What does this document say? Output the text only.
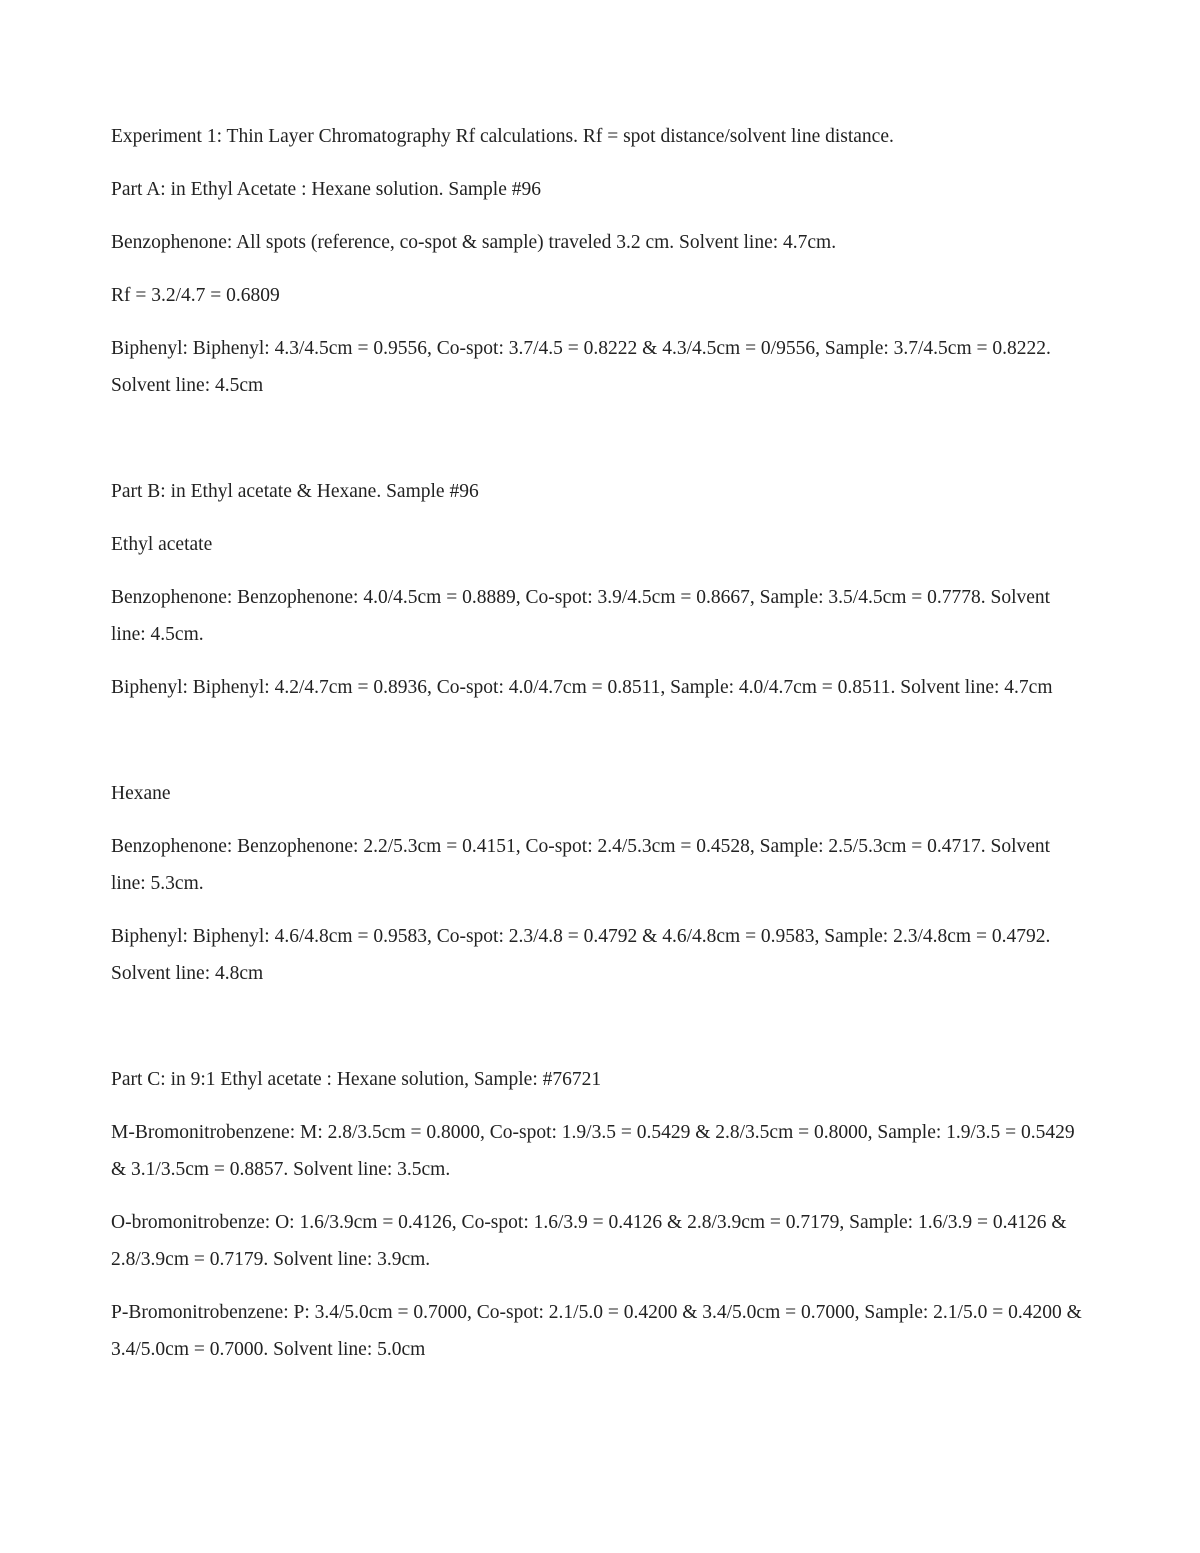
Experiment 1: Thin Layer Chromatography Rf calculations. Rf = spot distance/solvent line distance.

Part A: in Ethyl Acetate : Hexane solution. Sample #96

Benzophenone: All spots (reference, co-spot & sample) traveled 3.2 cm. Solvent line: 4.7cm.

Rf = 3.2/4.7 = 0.6809

Biphenyl: Biphenyl: 4.3/4.5cm = 0.9556, Co-spot: 3.7/4.5 = 0.8222 & 4.3/4.5cm = 0/9556, Sample: 3.7/4.5cm = 0.8222. Solvent line: 4.5cm

Part B: in Ethyl acetate & Hexane. Sample #96

Ethyl acetate

Benzophenone: Benzophenone: 4.0/4.5cm = 0.8889, Co-spot: 3.9/4.5cm = 0.8667, Sample: 3.5/4.5cm = 0.7778. Solvent line: 4.5cm.

Biphenyl: Biphenyl: 4.2/4.7cm = 0.8936, Co-spot: 4.0/4.7cm = 0.8511, Sample: 4.0/4.7cm = 0.8511. Solvent line: 4.7cm

Hexane

Benzophenone: Benzophenone: 2.2/5.3cm = 0.4151, Co-spot: 2.4/5.3cm = 0.4528, Sample: 2.5/5.3cm = 0.4717. Solvent line: 5.3cm.

Biphenyl: Biphenyl: 4.6/4.8cm = 0.9583, Co-spot: 2.3/4.8 = 0.4792 & 4.6/4.8cm = 0.9583, Sample: 2.3/4.8cm = 0.4792. Solvent line: 4.8cm

Part C: in 9:1 Ethyl acetate : Hexane solution, Sample: #76721

M-Bromonitrobenzene: M: 2.8/3.5cm = 0.8000, Co-spot: 1.9/3.5 = 0.5429 & 2.8/3.5cm = 0.8000, Sample: 1.9/3.5 = 0.5429 & 3.1/3.5cm = 0.8857. Solvent line: 3.5cm.

O-bromonitrobenze: O: 1.6/3.9cm = 0.4126, Co-spot: 1.6/3.9 = 0.4126 & 2.8/3.9cm = 0.7179, Sample: 1.6/3.9 = 0.4126 & 2.8/3.9cm = 0.7179. Solvent line: 3.9cm.

P-Bromonitrobenzene: P: 3.4/5.0cm = 0.7000, Co-spot: 2.1/5.0 = 0.4200 & 3.4/5.0cm = 0.7000, Sample: 2.1/5.0 = 0.4200 & 3.4/5.0cm = 0.7000. Solvent line: 5.0cm
